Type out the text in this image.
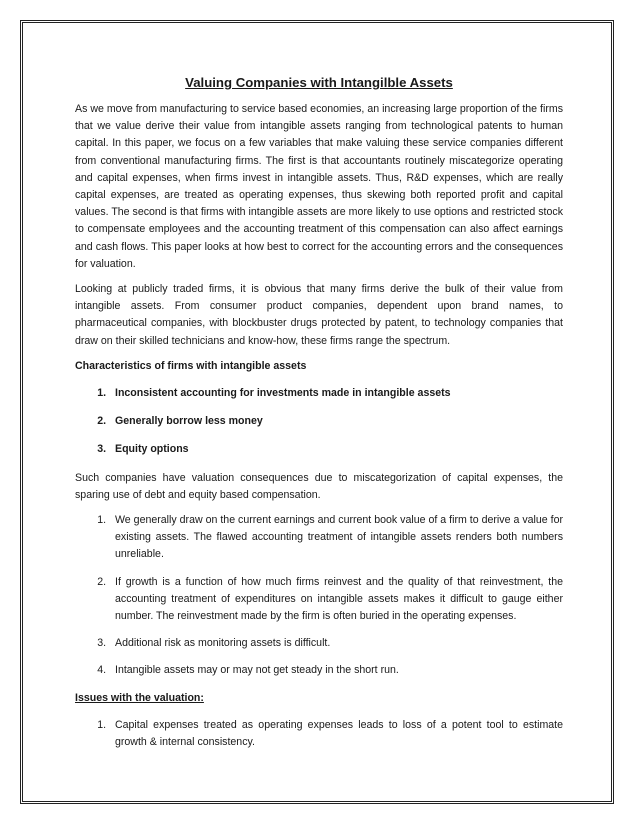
Valuing Companies with Intangilble Assets

As we move from manufacturing to service based economies, an increasing large proportion of the firms that we value derive their value from intangible assets ranging from technological patents to human capital. In this paper, we focus on a few variables that make valuing these service companies different from conventional manufacturing firms. The first is that accountants routinely miscategorize operating and capital expenses, when firms invest in intangible assets. Thus, R&D expenses, which are really capital expenses, are treated as operating expenses, thus skewing both reported profit and capital values. The second is that firms with intangible assets are more likely to use options and restricted stock to compensate employees and the accounting treatment of this compensation can also affect earnings and cash flows. This paper looks at how best to correct for the accounting errors and the consequences for valuation.

Looking at publicly traded firms, it is obvious that many firms derive the bulk of their value from intangible assets. From consumer product companies, dependent upon brand names, to pharmaceutical companies, with blockbuster drugs protected by patent, to technology companies that draw on their skilled technicians and know-how, these firms range the spectrum.

Characteristics of firms with intangible assets
1. Inconsistent accounting for investments made in intangible assets
2. Generally borrow less money
3. Equity options

Such companies have valuation consequences due to miscategorization of capital expenses, the sparing use of debt and equity based compensation.

1. We generally draw on the current earnings and current book value of a firm to derive a value for existing assets. The flawed accounting treatment of intangible assets renders both numbers unreliable.
2. If growth is a function of how much firms reinvest and the quality of that reinvestment, the accounting treatment of expenditures on intangible assets makes it difficult to gauge either number. The reinvestment made by the firm is often buried in the operating expenses.
3. Additional risk as monitoring assets is difficult.
4. Intangible assets may or may not get steady in the short run.
Issues with the valuation:
1. Capital expenses treated as operating expenses leads to loss of a potent tool to estimate growth & internal consistency.
